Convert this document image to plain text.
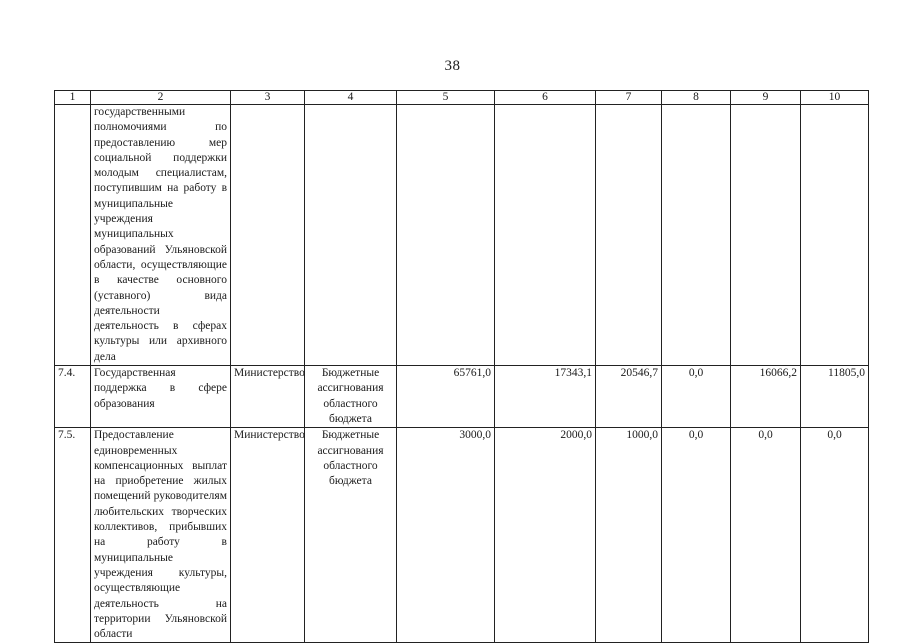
38
1	2	3	4	5	6	7	8	9	10
	государственными полномочиями по предоставлению мер социальной поддержки молодым специалистам, поступившим на работу в муниципальные учреждения муниципальных образований Ульяновской области, осуществляющие в качестве основного (уставного) вида деятельности деятельность в сферах культуры или архивного дела								
7.4.	Государственная поддержка в сфере образования	Министерство	Бюджетные ассигнования областного бюджета	65761,0	17343,1	20546,7	0,0	16066,2	11805,0
7.5.	Предоставление единовременных компенсационных выплат на приобретение жилых помещений руководителям любительских творческих коллективов, прибывших на работу в муниципальные учреждения культуры, осуществляющие деятельность на территории Ульяновской области	Министерство	Бюджетные ассигнования областного бюджета	3000,0	2000,0	1000,0	0,0	0,0	0,0
